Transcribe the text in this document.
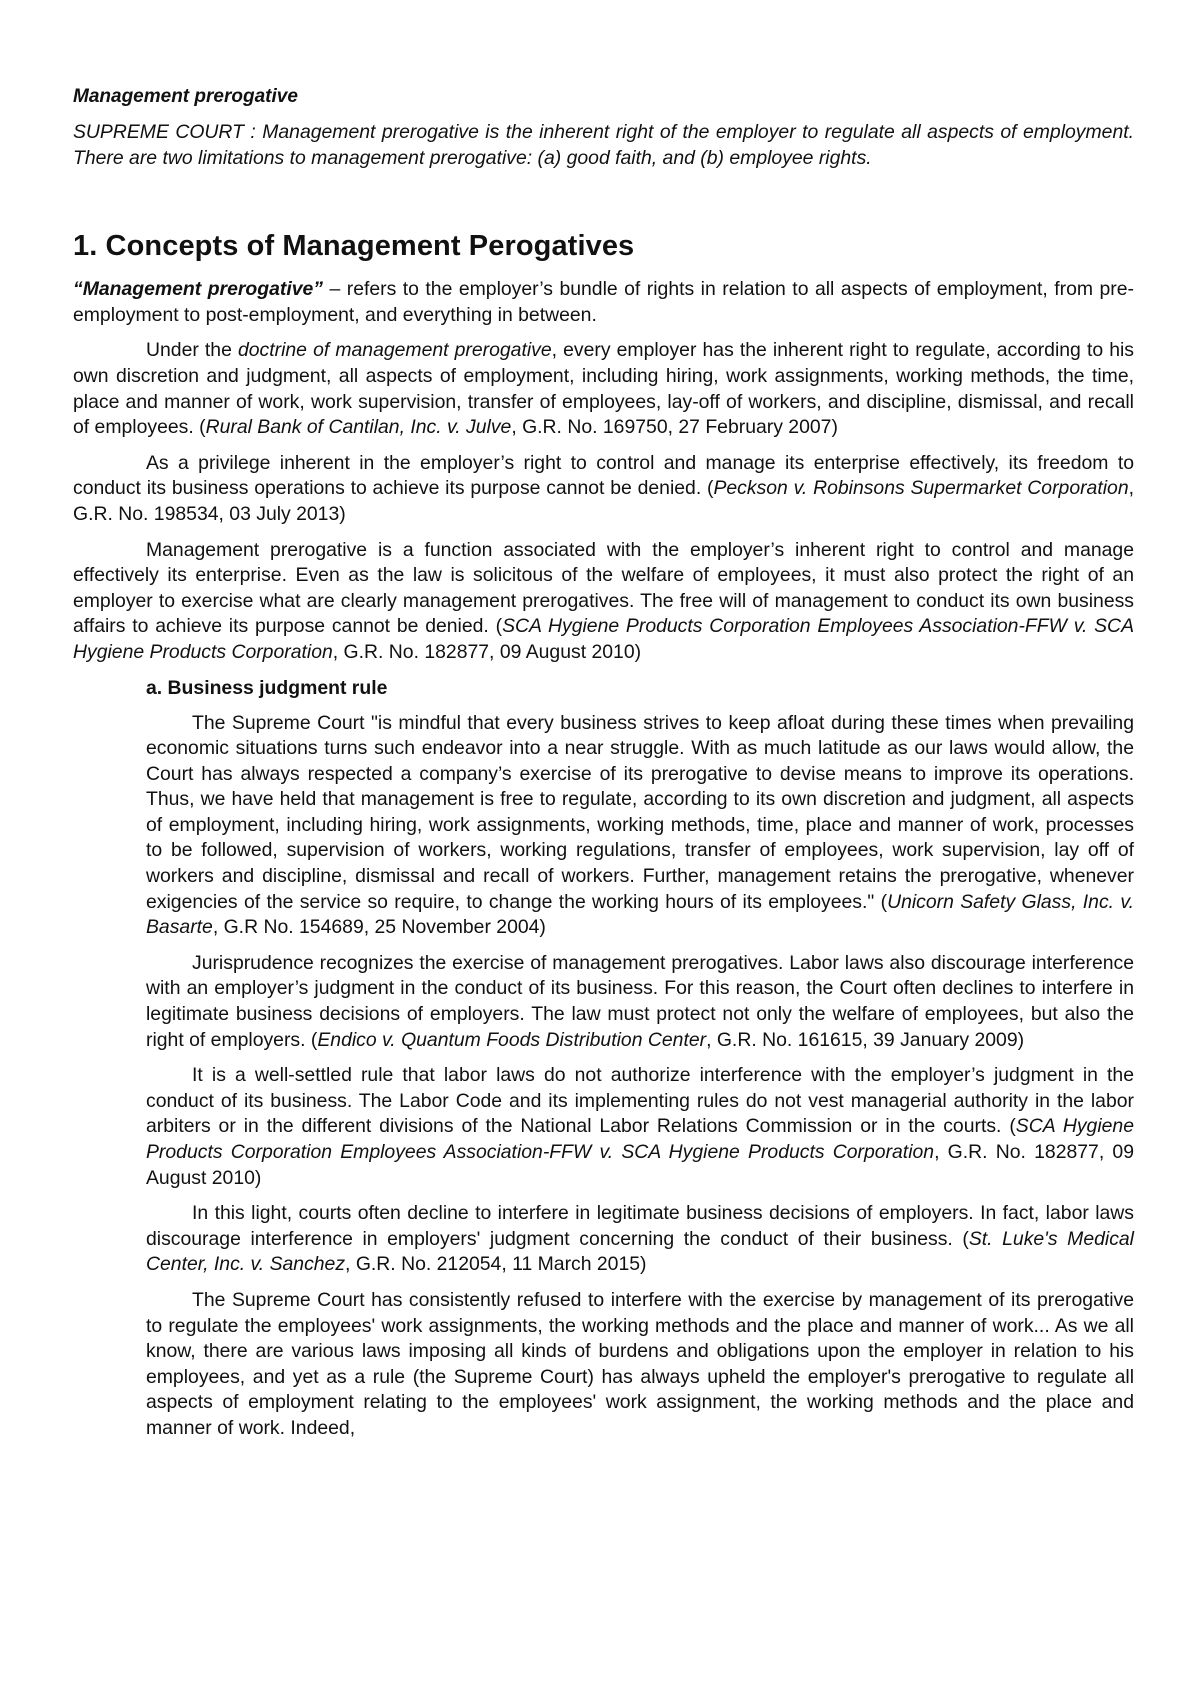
Management prerogative

SUPREME COURT : Management prerogative is the inherent right of the employer to regulate all aspects of employment. There are two limitations to management prerogative: (a) good faith, and (b) employee rights.

1. Concepts of Management Perogatives

“Management prerogative” – refers to the employer’s bundle of rights in relation to all aspects of employment, from pre-employment to post-employment, and everything in between.

Under the doctrine of management prerogative, every employer has the inherent right to regulate, according to his own discretion and judgment, all aspects of employment, including hiring, work assignments, working methods, the time, place and manner of work, work supervision, transfer of employees, lay-off of workers, and discipline, dismissal, and recall of employees. (Rural Bank of Cantilan, Inc. v. Julve, G.R. No. 169750, 27 February 2007)

As a privilege inherent in the employer’s right to control and manage its enterprise effectively, its freedom to conduct its business operations to achieve its purpose cannot be denied. (Peckson v. Robinsons Supermarket Corporation, G.R. No. 198534, 03 July 2013)

Management prerogative is a function associated with the employer’s inherent right to control and manage effectively its enterprise. Even as the law is solicitous of the welfare of employees, it must also protect the right of an employer to exercise what are clearly management prerogatives. The free will of management to conduct its own business affairs to achieve its purpose cannot be denied. (SCA Hygiene Products Corporation Employees Association-FFW v. SCA Hygiene Products Corporation, G.R. No. 182877, 09 August 2010)

a. Business judgment rule

The Supreme Court "is mindful that every business strives to keep afloat during these times when prevailing economic situations turns such endeavor into a near struggle. With as much latitude as our laws would allow, the Court has always respected a company’s exercise of its prerogative to devise means to improve its operations. Thus, we have held that management is free to regulate, according to its own discretion and judgment, all aspects of employment, including hiring, work assignments, working methods, time, place and manner of work, processes to be followed, supervision of workers, working regulations, transfer of employees, work supervision, lay off of workers and discipline, dismissal and recall of workers. Further, management retains the prerogative, whenever exigencies of the service so require, to change the working hours of its employees." (Unicorn Safety Glass, Inc. v. Basarte, G.R No. 154689, 25 November 2004)

Jurisprudence recognizes the exercise of management prerogatives. Labor laws also discourage interference with an employer’s judgment in the conduct of its business. For this reason, the Court often declines to interfere in legitimate business decisions of employers. The law must protect not only the welfare of employees, but also the right of employers. (Endico v. Quantum Foods Distribution Center, G.R. No. 161615, 39 January 2009)

It is a well-settled rule that labor laws do not authorize interference with the employer’s judgment in the conduct of its business. The Labor Code and its implementing rules do not vest managerial authority in the labor arbiters or in the different divisions of the National Labor Relations Commission or in the courts. (SCA Hygiene Products Corporation Employees Association-FFW v. SCA Hygiene Products Corporation, G.R. No. 182877, 09 August 2010)

In this light, courts often decline to interfere in legitimate business decisions of employers. In fact, labor laws discourage interference in employers' judgment concerning the conduct of their business. (St. Luke's Medical Center, Inc. v. Sanchez, G.R. No. 212054, 11 March 2015)

The Supreme Court has consistently refused to interfere with the exercise by management of its prerogative to regulate the employees' work assignments, the working methods and the place and manner of work... As we all know, there are various laws imposing all kinds of burdens and obligations upon the employer in relation to his employees, and yet as a rule (the Supreme Court) has always upheld the employer's prerogative to regulate all aspects of employment relating to the employees' work assignment, the working methods and the place and manner of work. Indeed,
